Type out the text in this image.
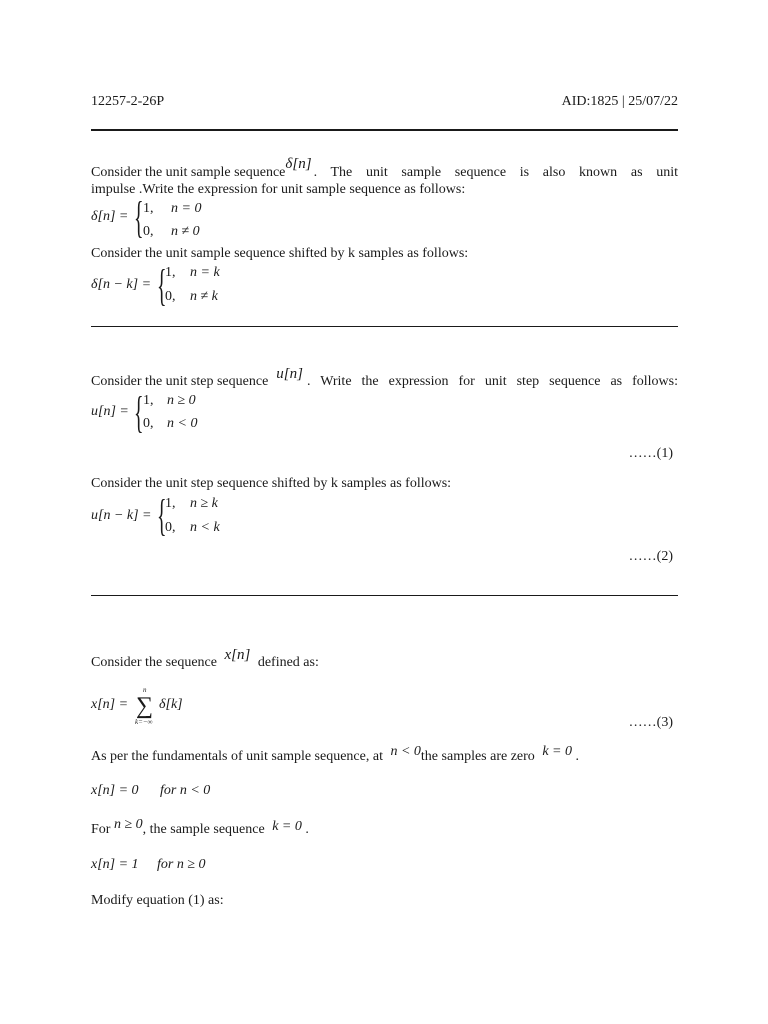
12257-2-26P	AID:1825 | 25/07/22
Consider the unit sample sequence
δ[n]
. The unit sample sequence is also known as unit
impulse .Write the expression for unit sample sequence as follows:
δ[n] = { 1, n = 0
0, n ≠ 0
Consider the unit sample sequence shifted by k samples as follows:
δ[n − k] = {
1, n = k
0, n ≠ k
Consider the unit step sequence u[n] . Write the expression for unit step sequence as follows:
u[n] = { 1, n ≥ 0
0, n < 0
……(1)
Consider the unit step sequence shifted by k samples as follows:
u[n − k] = {
1, n ≥ k
0, n < k
……(2)
Consider the sequence x[n] defined as:
x[n] =
n
∑
k=−∞
δ[k]
……(3)
As per the fundamentals of unit sample sequence, at n < 0the samples are zero k = 0 .
x[n] = 0 for n < 0
For n ≥ 0, the sample sequence k = 0 .
x[n] = 1 for n ≥ 0
Modify equation (1) as:
